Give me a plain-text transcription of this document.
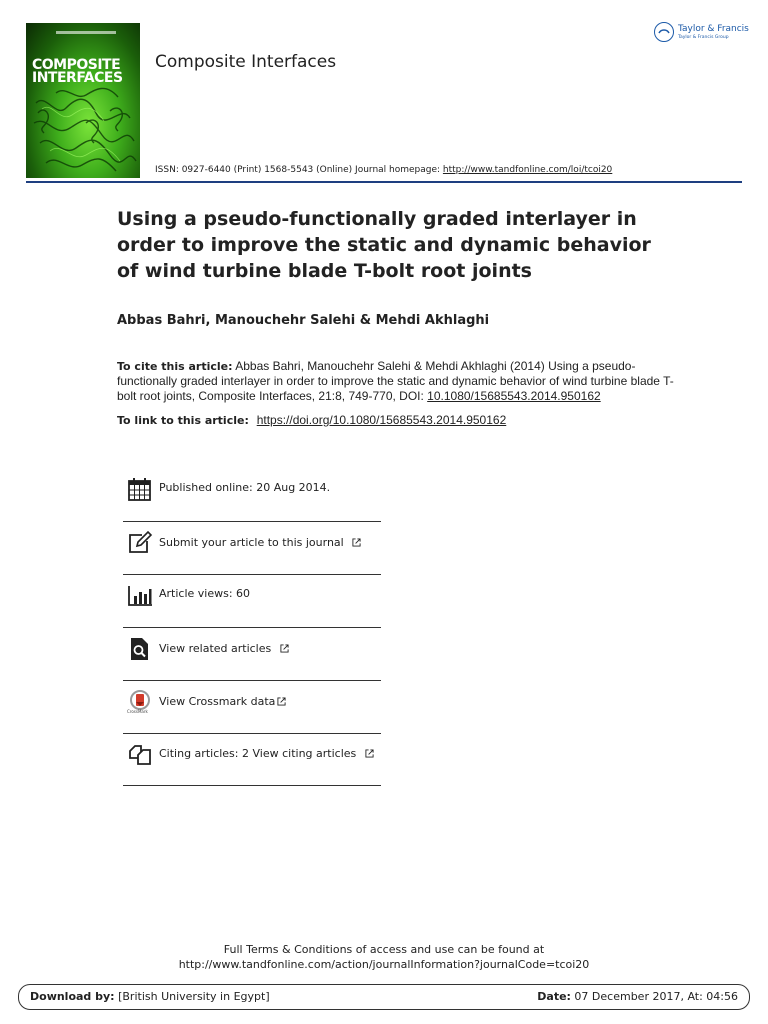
COMPOSITE
INTERFACES
Composite Interfaces
Taylor & Francis
Taylor & Francis Group
ISSN: 0927-6440 (Print) 1568-5543 (Online) Journal homepage: http://www.tandfonline.com/loi/tcoi20
Using a pseudo-functionally graded interlayer in order to improve the static and dynamic behavior of wind turbine blade T-bolt root joints
Abbas Bahri, Manouchehr Salehi & Mehdi Akhlaghi
To cite this article: Abbas Bahri, Manouchehr Salehi & Mehdi Akhlaghi (2014) Using a pseudo-functionally graded interlayer in order to improve the static and dynamic behavior of wind turbine blade T-bolt root joints, Composite Interfaces, 21:8, 749-770, DOI: 10.1080/15685543.2014.950162
To link to this article: https://doi.org/10.1080/15685543.2014.950162
Published online: 20 Aug 2014.
Submit your article to this journal
Article views: 60
View related articles
CrossMark
View Crossmark data
Citing articles: 2 View citing articles
Full Terms & Conditions of access and use can be found at
http://www.tandfonline.com/action/journalInformation?journalCode=tcoi20
Download by: [British University in Egypt]	Date: 07 December 2017, At: 04:56
